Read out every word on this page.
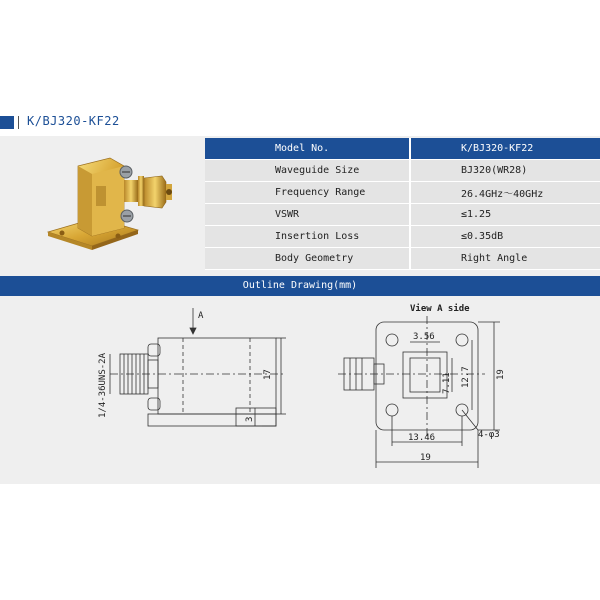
K/BJ320-KF22
Model No.	K/BJ320-KF22
Waveguide Size	BJ320(WR28)
Frequency Range	26.4GHz～40GHz
VSWR	≤1.25
Insertion Loss	≤0.35dB
Body Geometry	Right Angle
Outline Drawing(mm)
A
17
3
1/4-36UNS-2A
View A side
3.56
7.11 12.7	19
13.46
19
4-φ3
